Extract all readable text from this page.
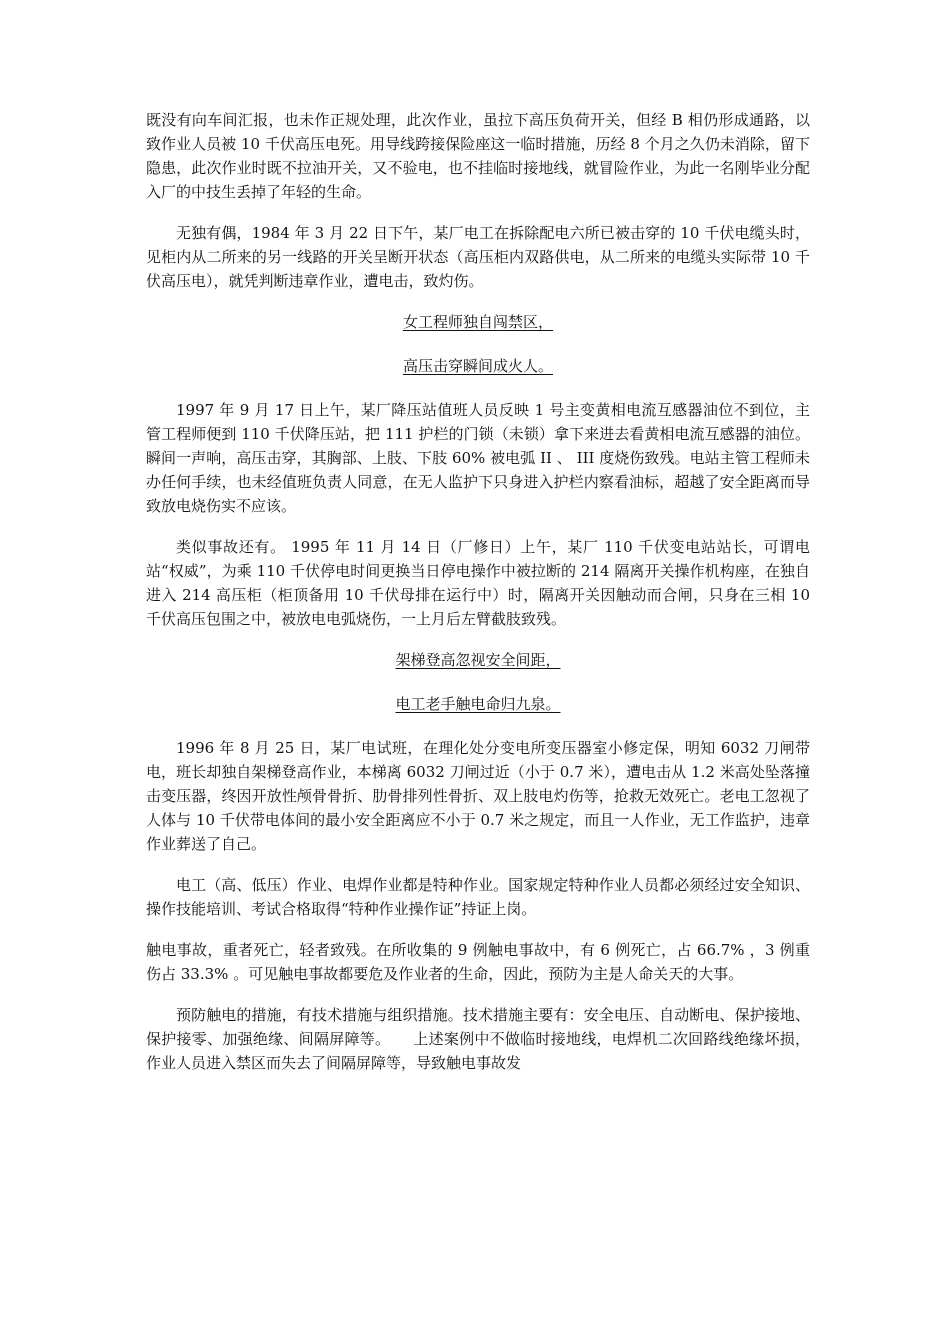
既没有向车间汇报，也未作正规处理，此次作业，虽拉下高压负荷开关，但经 B 相仍形成通路，以致作业人员被 10 千伏高压电死。用导线跨接保险座这一临时措施，历经 8 个月之久仍未消除，留下隐患，此次作业时既不拉油开关，又不验电，也不挂临时接地线，就冒险作业，为此一名刚毕业分配入厂的中技生丢掉了年轻的生命。

无独有偶，1984 年 3 月 22 日下午，某厂电工在拆除配电六所已被击穿的 10 千伏电缆头时，见柜内从二所来的另一线路的开关呈断开状态（高压柜内双路供电，从二所来的电缆头实际带 10 千伏高压电），就凭判断违章作业，遭电击，致灼伤。

女工程师独自闯禁区，
高压击穿瞬间成火人。

1997 年 9 月 17 日上午，某厂降压站值班人员反映 1 号主变黄相电流互感器油位不到位，主管工程师便到 110 千伏降压站，把 111 护栏的门锁（未锁）拿下来进去看黄相电流互感器的油位。瞬间一声响，高压击穿，其胸部、上肢、下肢 60% 被电弧 II 、 III 度烧伤致残。电站主管工程师未办任何手续，也未经值班负责人同意，在无人监护下只身进入护栏内察看油标，超越了安全距离而导致放电烧伤实不应该。

类似事故还有。 1995 年 11 月 14 日（厂修日）上午，某厂 110 千伏变电站站长，可谓电站“权威”，为乘 110 千伏停电时间更换当日停电操作中被拉断的 214 隔离开关操作机构座，在独自进入 214 高压柜（柜顶备用 10 千伏母排在运行中）时，隔离开关因触动而合闸，只身在三相 10 千伏高压包围之中，被放电电弧烧伤，一上月后左臂截肢致残。

架梯登高忽视安全间距，
电工老手触电命归九泉。

1996 年 8 月 25 日，某厂电试班，在理化处分变电所变压器室小修定保，明知 6032 刀闸带电，班长却独自架梯登高作业，本梯离 6032 刀闸过近（小于 0.7 米），遭电击从 1.2 米高处坠落撞击变压器，终因开放性颅骨骨折、肋骨排列性骨折、双上肢电灼伤等，抢救无效死亡。老电工忽视了人体与 10 千伏带电体间的最小安全距离应不小于 0.7 米之规定，而且一人作业，无工作监护，违章作业葬送了自己。

电工（高、低压）作业、电焊作业都是特种作业。国家规定特种作业人员都必须经过安全知识、操作技能培训、考试合格取得“特种作业操作证”持证上岗。

触电事故，重者死亡，轻者致残。在所收集的 9 例触电事故中，有 6 例死亡，占 66.7% ，3 例重伤占 33.3% 。可见触电事故都要危及作业者的生命，因此，预防为主是人命关天的大事。

预防触电的措施，有技术措施与组织措施。技术措施主要有：安全电压、自动断电、保护接地、保护接零、加强绝缘、间隔屏障等。　　上述案例中不做临时接地线，电焊机二次回路线绝缘坏损，作业人员进入禁区而失去了间隔屏障等，导致触电事故发
